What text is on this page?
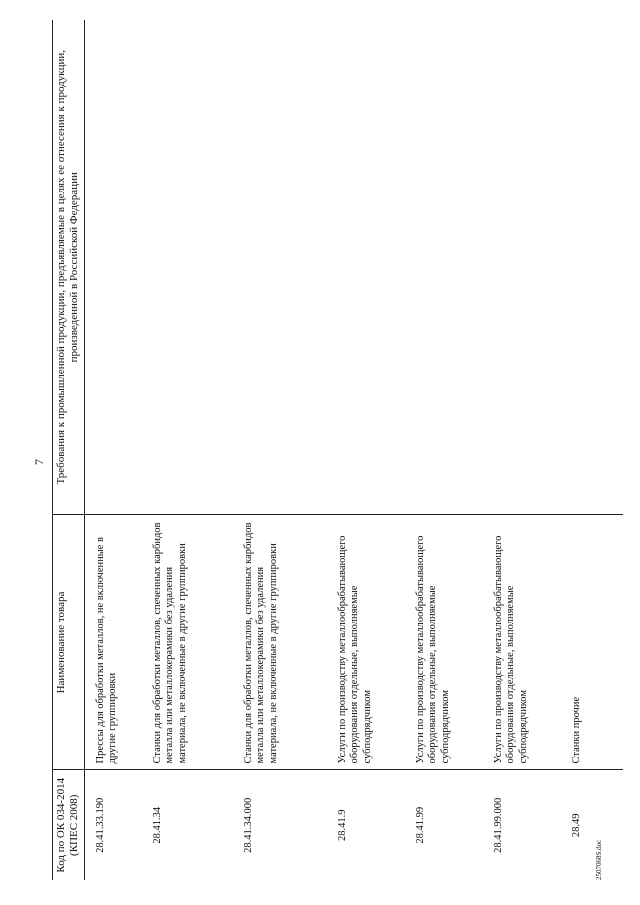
7
Код по ОК 034-2014 (КПЕС 2008)	Наименование товара	Требования к промышленной продукции, предъявляемые в целях ее отнесения к продукции, произведенной в Российской Федерации
28.41.33.190	Прессы для обработки металлов, не включенные в другие группировки	
28.41.34	Станки для обработки металлов, спеченных карбидов металла или металлокерамики без удаления материала, не включенные в другие группировки	
28.41.34.000	Станки для обработки металлов, спеченных карбидов металла или металлокерамики без удаления материала, не включенные в другие группировки	
28.41.9	Услуги по производству металлообрабатывающего оборудования отдельные, выполняемые субподрядчиком	
28.41.99	Услуги по производству металлообрабатывающего оборудования отдельные, выполняемые субподрядчиком	
28.41.99.000	Услуги по производству металлообрабатывающего оборудования отдельные, выполняемые субподрядчиком	
28.49	Станки прочие	

2507068S.doc
